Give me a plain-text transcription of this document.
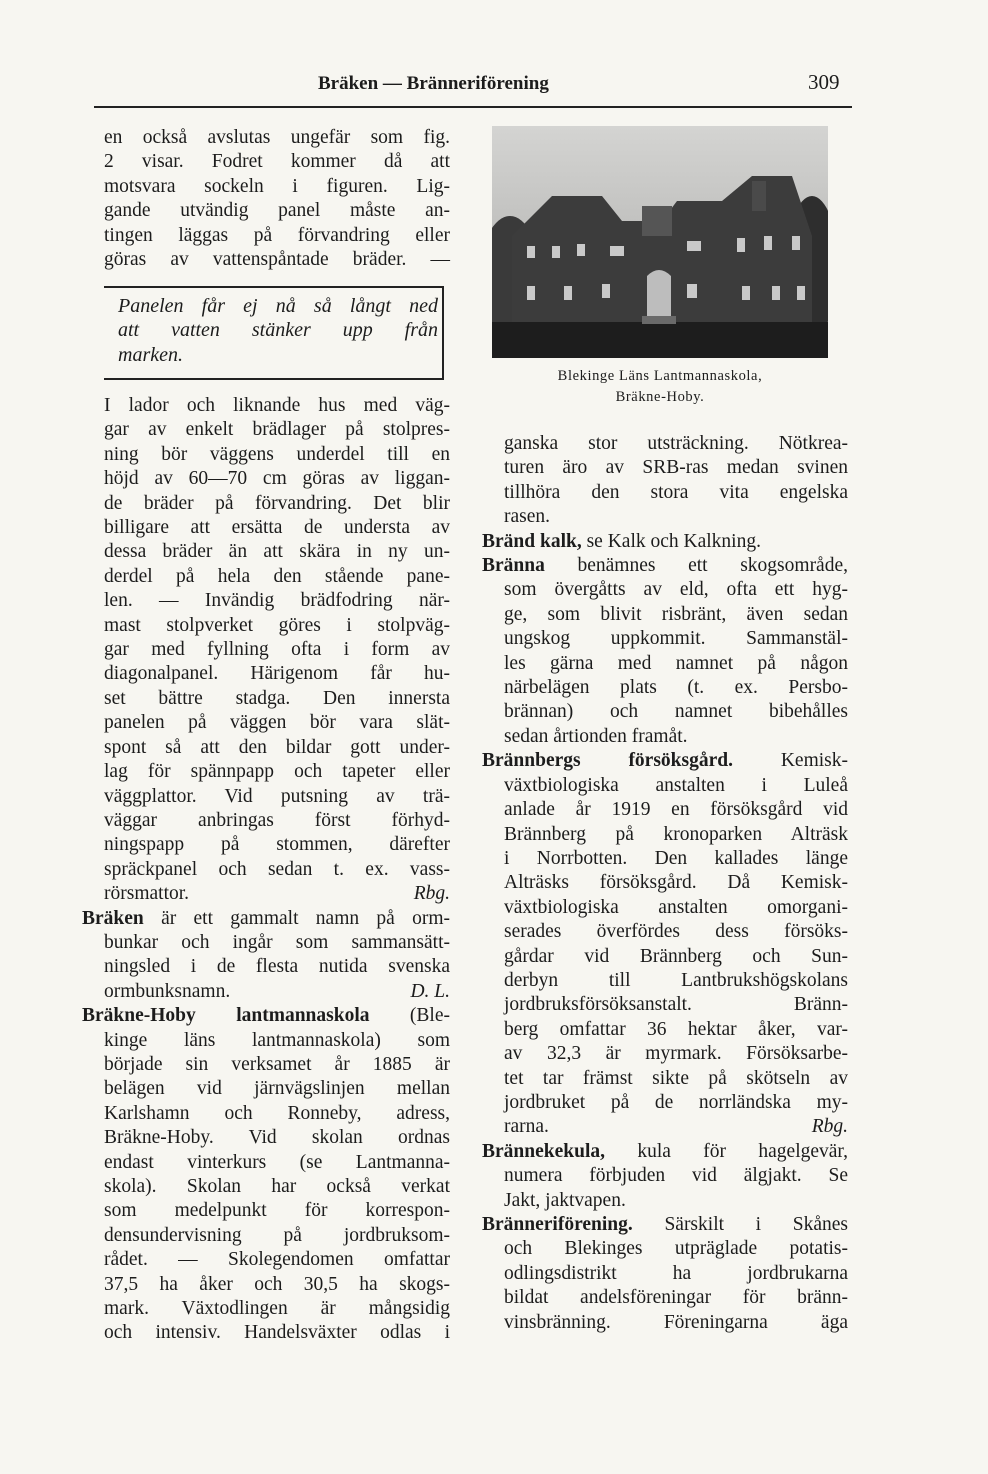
Bräken — Bränneriförening	309
en också avslutas ungefär som fig.
2 visar. Fodret kommer då att
motsvara sockeln i figuren. Lig-
gande utvändig panel måste an-
tingen läggas på förvandring eller
göras av vattenspåntade bräder. —
Panelen får ej nå så långt ned
att vatten stänker upp från
marken.
I lador och liknande hus med väg-
gar av enkelt brädlager på stolpres-
ning bör väggens underdel till en
höjd av 60—70 cm göras av liggan-
de bräder på förvandring. Det blir
billigare att ersätta de understa av
dessa bräder än att skära in ny un-
derdel på hela den stående pane-
len. — Invändig brädfodring när-
mast stolpverket göres i stolpväg-
gar med fyllning ofta i form av
diagonalpanel. Härigenom får hu-
set bättre stadga. Den innersta
panelen på väggen bör vara slät-
spont så att den bildar gott under-
lag för spännpapp och tapeter eller
väggplattor. Vid putsning av trä-
väggar anbringas först förhyd-
ningspapp på stommen, därefter
spräckpanel och sedan t. ex. vass-
Rbg.
rörsmattor.
Bräken är ett gammalt namn på orm-
bunkar och ingår som sammansätt-
ningsled i de flesta nutida svenska
D. L.
ormbunksnamn.
Bräkne-Hoby lantmannaskola (Ble-
kinge läns lantmannaskola) som
började sin verksamet år 1885 är
belägen vid järnvägslinjen mellan
Karlshamn och Ronneby, adress,
Bräkne-Hoby. Vid skolan ordnas
endast vinterkurs (se Lantmanna-
skola). Skolan har också verkat
som medelpunkt för korrespon-
densundervisning på jordbruksom-
rådet. — Skolegendomen omfattar
37,5 ha åker och 30,5 ha skogs-
mark. Växtodlingen är mångsidig
och intensiv. Handelsväxter odlas i
Blekinge Läns Lantmannaskola,
Bräkne-Hoby.
ganska stor utsträckning. Nötkrea-
turen äro av SRB-ras medan svinen
tillhöra den stora vita engelska
rasen.
Bränd kalk, se Kalk och Kalkning.
Bränna benämnes ett skogsområde,
som övergåtts av eld, ofta ett hyg-
ge, som blivit risbränt, även sedan
ungskog uppkommit. Sammanstäl-
les gärna med namnet på någon
närbelägen plats (t. ex. Persbo-
brännan) och namnet bibehålles
sedan årtionden framåt.
Brännbergs försöksgård. Kemisk-
växtbiologiska anstalten i Luleå
anlade år 1919 en försöksgård vid
Brännberg på kronoparken Alträsk
i Norrbotten. Den kallades länge
Alträsks försöksgård. Då Kemisk-
växtbiologiska anstalten omorgani-
serades överfördes dess försöks-
gårdar vid Brännberg och Sun-
derbyn till Lantbrukshögskolans
jordbruksförsöksanstalt. Bränn-
berg omfattar 36 hektar åker, var-
av 32,3 är myrmark. Försöksarbe-
tet tar främst sikte på skötseln av
jordbruket på de norrländska my-
Rbg.
rarna.
Brännekekula, kula för hagelgevär,
numera förbjuden vid älgjakt. Se
Jakt, jaktvapen.
Bränneriförening. Särskilt i Skånes
och Blekinges utpräglade potatis-
odlingsdistrikt ha jordbrukarna
bildat andelsföreningar för bränn-
vinsbränning. Föreningarna äga
